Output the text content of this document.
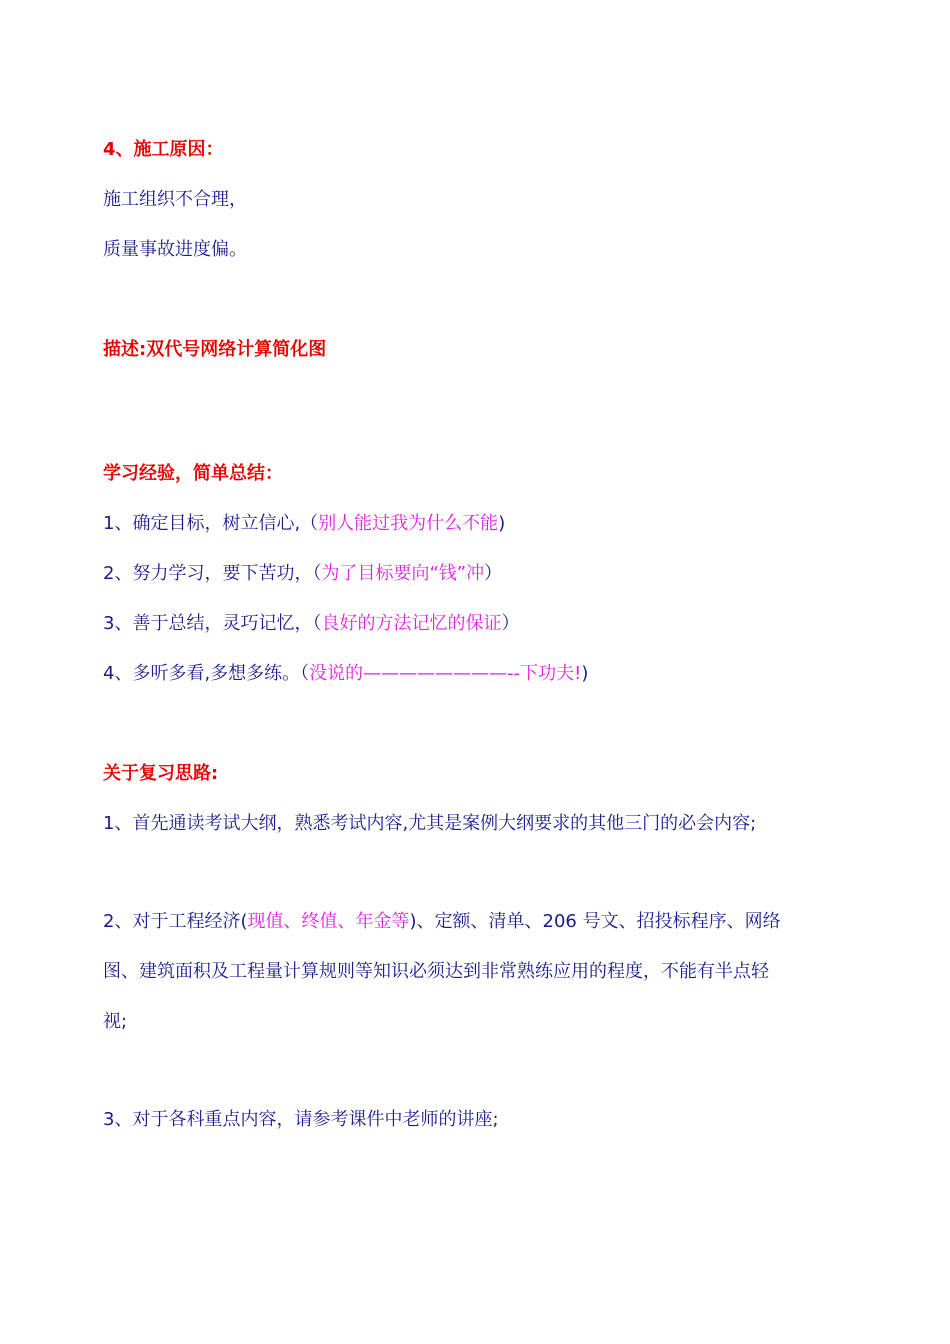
4、施工原因：
施工组织不合理，
质量事故进度偏。
描述:双代号网络计算简化图
学习经验，简单总结：
1、确定目标，树立信心,（别人能过我为什么不能)
2、努力学习，要下苦功，（为了目标要向“钱”冲）
3、善于总结，灵巧记忆，（良好的方法记忆的保证）
4、多听多看,多想多练。（没说的————————--下功夫!)
关于复习思路:
1、首先通读考试大纲，熟悉考试内容,尤其是案例大纲要求的其他三门的必会内容;
2、对于工程经济(现值、终值、年金等)、定额、清单、206 号文、招投标程序、网络
图、建筑面积及工程量计算规则等知识必须达到非常熟练应用的程度，不能有半点轻
视;
3、对于各科重点内容，请参考课件中老师的讲座;
